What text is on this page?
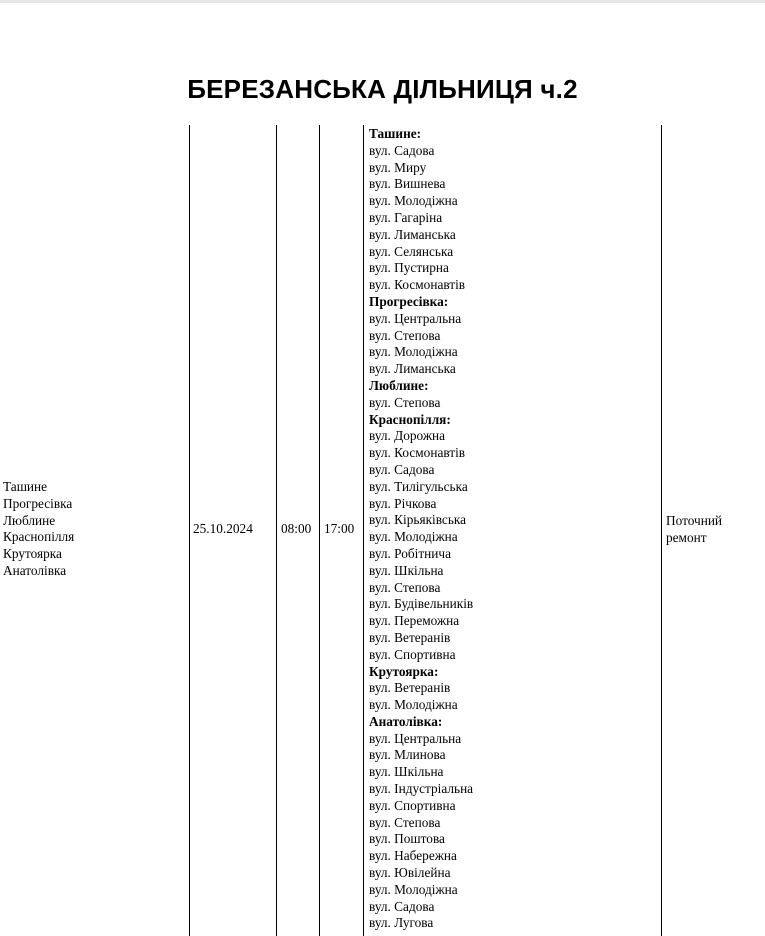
БЕРЕЗАНСЬКА ДІЛЬНИЦЯ ч.2
Ташине
Прогресівка
Люблине
Краснопілля
Крутоярка
Анатолівка
25.10.2024 08:00 17:00
Ташине:
вул. Садова
вул. Миру
вул. Вишнева
вул. Молодіжна
вул. Гагаріна
вул. Лиманська
вул. Селянська
вул. Пустирна
вул. Космонавтів
Прогресівка:
вул. Центральна
вул. Степова
вул. Молодіжна
вул. Лиманська
Люблине:
вул. Степова
Краснопілля:
вул. Дорожна
вул. Космонавтів
вул. Садова
вул. Тилігульська
вул. Річкова
вул. Кірьяківська
вул. Молодіжна
вул. Робітнича
вул. Шкільна
вул. Степова
вул. Будівельників
вул. Переможна
вул. Ветеранів
вул. Спортивна
Крутоярка:
вул. Ветеранів
вул. Молодіжна
Анатолівка:
вул. Центральна
вул. Млинова
вул. Шкільна
вул. Індустріальна
вул. Спортивна
вул. Степова
вул. Поштова
вул. Набережна
вул. Ювілейна
вул. Молодіжна
вул. Садова
вул. Лугова
Поточний
ремонт
